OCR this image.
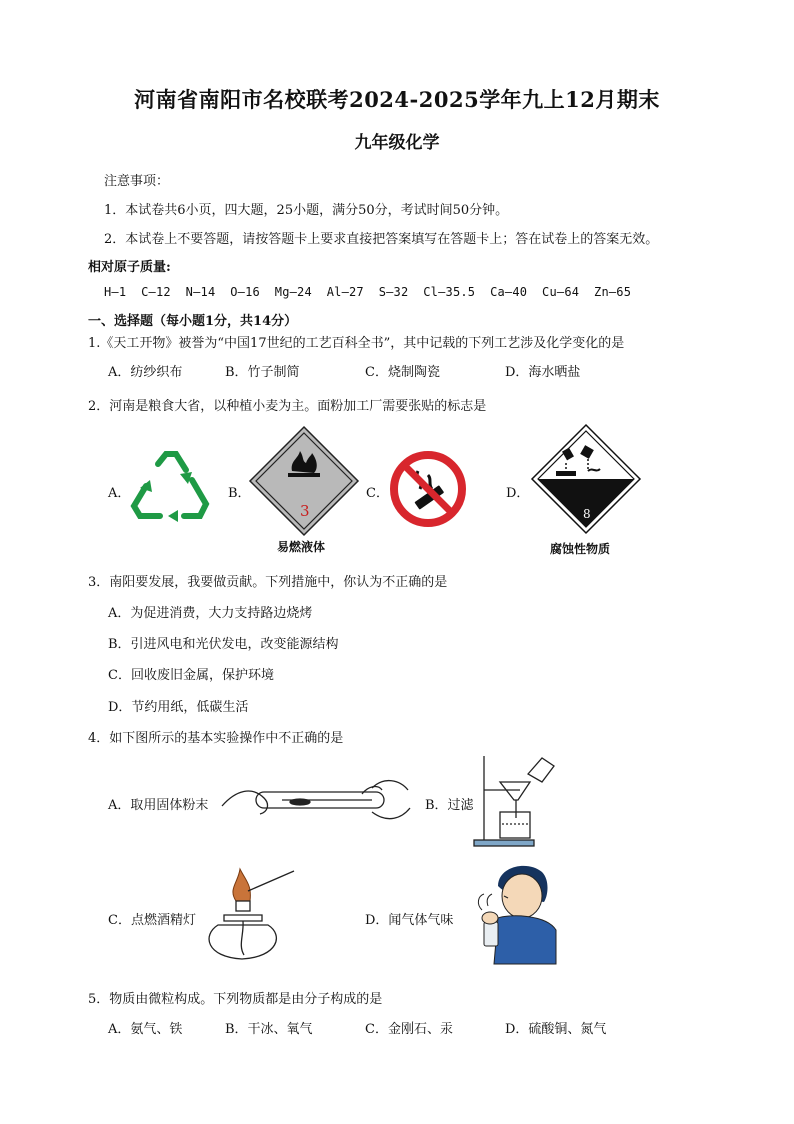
河南省南阳市名校联考2024-2025学年九上12月期末
九年级化学
注意事项：
1．本试卷共6小页，四大题，25小题，满分50分，考试时间50分钟。
2．本试卷上不要答题，请按答题卡上要求直接把答案填写在答题卡上；答在试卷上的答案无效。
相对原子质量:
H—1  C—12  N—14  O—16  Mg—24  Al—27  S—32  Cl—35.5  Ca—40  Cu—64  Zn—65
一、选择题（每小题1分，共14分）
1.《天工开物》被誉为“中国17世纪的工艺百科全书”，其中记载的下列工艺涉及化学变化的是
A．纺纱织布	B．竹子制简	C．烧制陶瓷	D．海水晒盐
2．河南是粮食大省，以种植小麦为主。面粉加工厂需要张贴的标志是
A．	B．	C．	D．
3
易燃液体
8
腐蚀性物质
3．南阳要发展，我要做贡献。下列措施中，你认为不正确的是
A．为促进消费，大力支持路边烧烤
B．引进风电和光伏发电，改变能源结构
C．回收废旧金属，保护环境
D．节约用纸，低碳生活
4．如下图所示的基本实验操作中不正确的是
A．取用固体粉末	B．过滤
C．点燃酒精灯	D．闻气体气味
5．物质由微粒构成。下列物质都是由分子构成的是
A．氨气、铁	B．干冰、氧气	C．金刚石、汞	D．硫酸铜、氮气
